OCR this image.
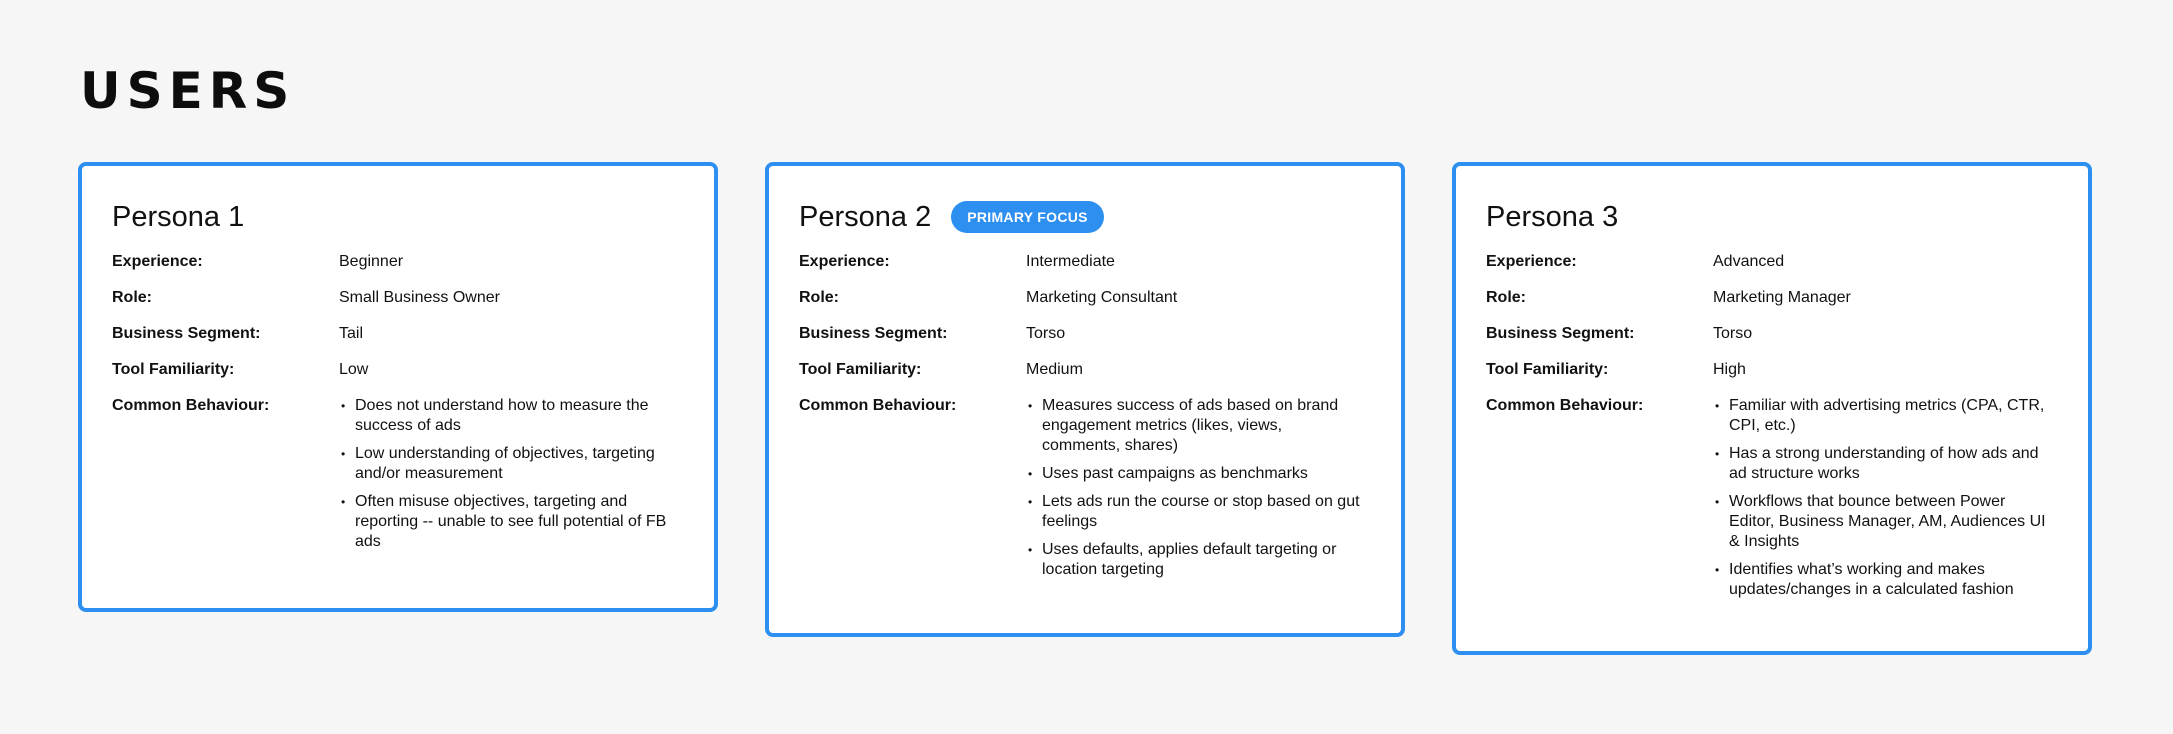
USERS
Persona 1
Experience:	Beginner
Role:	Small Business Owner
Business Segment:	Tail
Tool Familiarity:	Low
Common Behaviour:	• Does not understand how to measure the success of ads
• Low understanding of objectives, targeting and/or measurement
• Often misuse objectives, targeting and reporting -- unable to see full potential of FB ads
Persona 2	PRIMARY FOCUS
Experience:	Intermediate
Role:	Marketing Consultant
Business Segment:	Torso
Tool Familiarity:	Medium
Common Behaviour:	• Measures success of ads based on brand engagement metrics (likes, views, comments, shares)
• Uses past campaigns as benchmarks
• Lets ads run the course or stop based on gut feelings
• Uses defaults, applies default targeting or location targeting
Persona 3
Experience:	Advanced
Role:	Marketing Manager
Business Segment:	Torso
Tool Familiarity:	High
Common Behaviour:	• Familiar with advertising metrics (CPA, CTR, CPI, etc.)
• Has a strong understanding of how ads and ad structure works
• Workflows that bounce between Power Editor, Business Manager, AM, Audiences UI & Insights
• Identifies what’s working and makes updates/changes in a calculated fashion
